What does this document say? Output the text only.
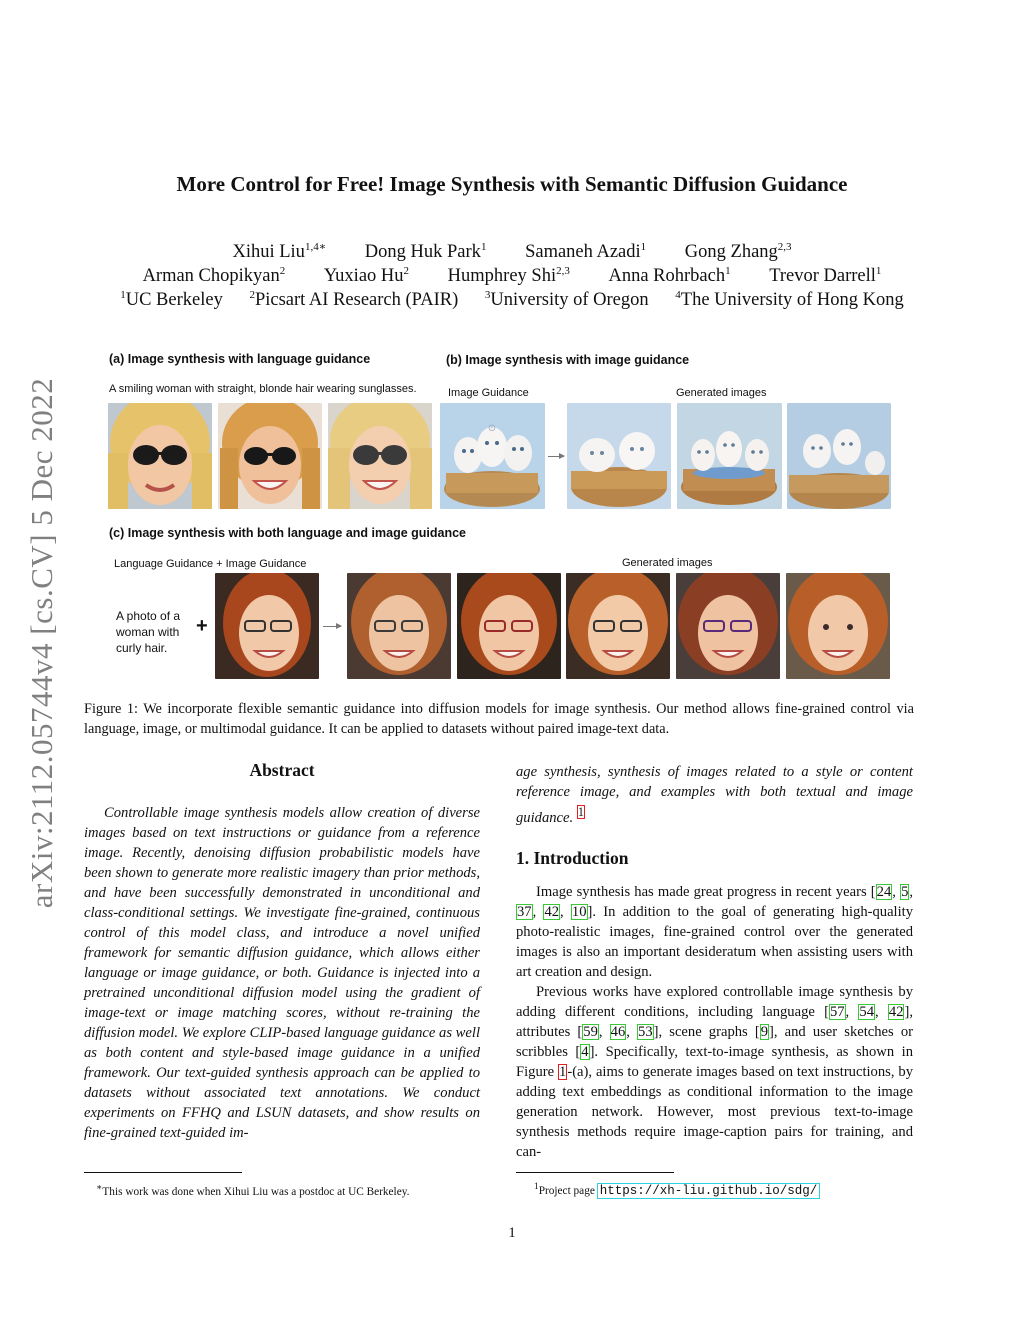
arXiv:2112.05744v4 [cs.CV] 5 Dec 2022
More Control for Free! Image Synthesis with Semantic Diffusion Guidance
Xihui Liu$^{1,4∗}$ Dong Huk Park$^1$ Samaneh Azadi$^1$ Gong Zhang$^{2,3}$
Arman Chopikyan$^2$ Yuxiao Hu$^2$ Humphrey Shi$^{2,3}$ Anna Rohrbach$^1$ Trevor Darrell$^1$
$^1$UC Berkeley $^2$Picsart AI Research (PAIR) $^3$University of Oregon $^4$The University of Hong Kong
(a) Image synthesis with language guidance	(b) Image synthesis with image guidance
A smiling woman with straight, blonde hair wearing sunglasses.	Image Guidance	Generated images
⊙
(c) Image synthesis with both language and image guidance
Language Guidance + Image Guidance	Generated images
A photo of a woman with curly hair.
+
Figure 1: We incorporate flexible semantic guidance into diffusion models for image synthesis. Our method allows fine-grained control via language, image, or multimodal guidance. It can be applied to datasets without paired image-text data.
Abstract
Controllable image synthesis models allow creation of diverse images based on text instructions or guidance from a reference image. Recently, denoising diffusion probabilistic models have been shown to generate more realistic imagery than prior methods, and have been successfully demonstrated in unconditional and class-conditional settings. We investigate fine-grained, continuous control of this model class, and introduce a novel unified framework for semantic diffusion guidance, which allows either language or image guidance, or both. Guidance is injected into a pretrained unconditional diffusion model using the gradient of image-text or image matching scores, without re-training the diffusion model. We explore CLIP-based language guidance as well as both content and style-based image guidance in a unified framework. Our text-guided synthesis approach can be applied to datasets without associated text annotations. We conduct experiments on FFHQ and LSUN datasets, and show results on fine-grained text-guided im-
∗This work was done when Xihui Liu was a postdoc at UC Berkeley.
age synthesis, synthesis of images related to a style or content reference image, and examples with both textual and image guidance. $^1$
1. Introduction
Image synthesis has made great progress in recent years [24, 5, 37, 42, 10]. In addition to the goal of generating high-quality photo-realistic images, fine-grained control over the generated images is also an important desideratum when assisting users with art creation and design.
Previous works have explored controllable image synthesis by adding different conditions, including language [57, 54, 42], attributes [59, 46, 53], scene graphs [9], and user sketches or scribbles [4]. Specifically, text-to-image synthesis, as shown in Figure 1-(a), aims to generate images based on text instructions, by adding text embeddings as conditional information to the image generation network. However, most previous text-to-image synthesis methods require image-caption pairs for training, and can-
$^1$Project page https://xh-liu.github.io/sdg/
1
